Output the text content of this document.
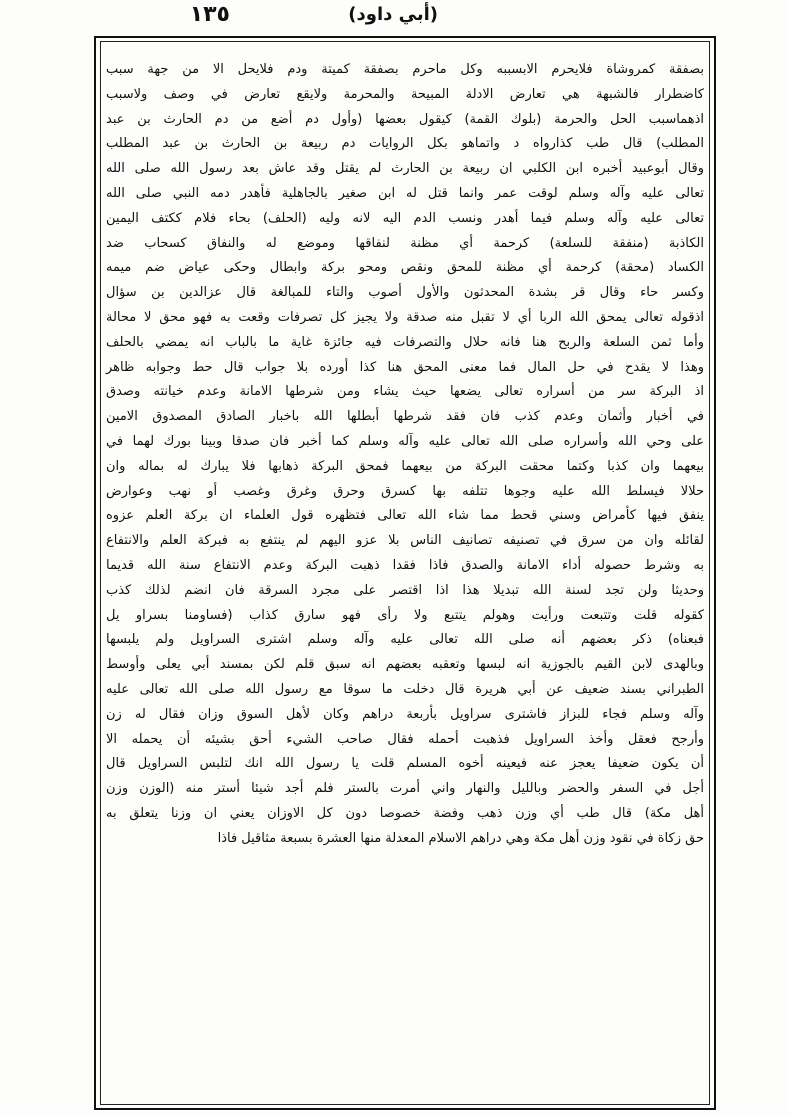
(أبي داود)
١٣٥
بصفقة كمروشاة فلايحرم الابسببه وكل ماحرم بصفقة كميتة ودم فلايحل الا من جهة سبب
كاضطرار فالشبهة هي تعارض الادلة المبيحة والمحرمة ولايقع تعارض في وصف ولاسبب
اذهماسبب الحل والحرمة (بلوك القمة) كيقول بعضها (وأول دم أضع من دم الحارث بن عبد
المطلب) قال طب كذارواه د واتماهو بكل الروايات دم ربيعة بن الحارث بن عبد المطلب
وقال أبوعبيد أخبره ابن الكلبي ان ربيعة بن الحارث لم يقتل وقد عاش بعد رسول الله صلى الله
تعالى عليه وآله وسلم لوقت عمر وانما قتل له ابن صغير بالجاهلية فأهدر دمه النبي صلى الله
تعالى عليه وآله وسلم فيما أهدر ونسب الدم اليه لانه وليه (الحلف) بحاء فلام ككتف اليمين
الكاذبة (منفقة للسلعة) كرحمة أي مظنة لنفاقها وموضع له والنفاق كسحاب ضد
الكساد (محقة) كرحمة أي مظنة للمحق ونقص ومحو بركة وابطال وحكى عياض ضم ميمه
وكسر حاء وقال قر بشدة المحدثون والأول أصوب والتاء للمبالغة قال عزالدين بن سؤال
اذقوله تعالى يمحق الله الربا أي لا تقبل منه صدقة ولا يجيز كل تصرفات وقعت به فهو محق لا محالة
وأما ثمن السلعة والربح هنا فانه حلال والتصرفات فيه جائزة غاية ما بالباب انه يمضي بالحلف
وهذا لا يقدح في حل المال فما معنى المحق هنا كذا أورده بلا جواب قال حط وجوابه ظاهر
اذ البركة سر من أسراره تعالى يضعها حيث يشاء ومن شرطها الامانة وعدم خيانته وصدق
في أخبار وأثمان وعدم كذب فان فقد شرطها أبطلها الله باخبار الصادق المصدوق الامين
على وحي الله وأسراره صلى الله تعالى عليه وآله وسلم كما أخبر فان صدقا وبينا بورك لهما في
بيعهما وان كذبا وكتما محقت البركة من بيعهما فمحق البركة ذهابها فلا يبارك له بماله وان
حلالا فيسلط الله عليه وجوها تتلفه بها كسرق وحرق وغرق وغصب أو نهب وعوارض
ينفق فيها كأمراض وسني قحط مما شاء الله تعالى فتظهره قول العلماء ان بركة العلم عزوه
لقائله وان من سرق في تصنيفه تصانيف الناس بلا عزو اليهم لم ينتفع به فبركة العلم والانتفاع
به وشرط حصوله أداء الامانة والصدق فاذا فقدا ذهبت البركة وعدم الانتفاع سنة الله قديما
وحديثا ولن تجد لسنة الله تبديلا هذا اذا اقتصر على مجرد السرقة فان انضم لذلك كذب
كقوله قلت وتتبعت ورأيت وهولم يتتبع ولا رأى فهو سارق كذاب (فساومنا بسراو يل
فبعناه) ذكر بعضهم أنه صلى الله تعالى عليه وآله وسلم اشترى السراويل ولم يلبسها
وبالهدى لابن القيم بالجوزية انه لبسها وتعقبه بعضهم انه سبق قلم لكن بمسند أبي يعلى وأوسط
الطبراني بسند ضعيف عن أبي هريرة قال دخلت ما سوقا مع رسول الله صلى الله تعالى عليه
وآله وسلم فجاء للبزاز فاشترى سراويل بأربعة دراهم وكان لأهل السوق وزان فقال له زن
وأرجح فعقل وأخذ السراويل فذهبت أحمله فقال صاحب الشيء أحق بشيئه أن يحمله الا
أن يكون ضعيفا يعجز عنه فيعينه أخوه المسلم قلت يا رسول الله انك لتلبس السراويل قال
أجل في السفر والحضر وبالليل والنهار واني أمرت بالستر فلم أجد شيئا أستر منه (الوزن وزن
أهل مكة) قال طب أي وزن ذهب وفضة خصوصا دون كل الاوزان يعني ان وزنا يتعلق به
حق زكاة في نقود وزن أهل مكة وهي دراهم الاسلام المعدلة منها العشرة بسبعة مثاقيل فاذا
